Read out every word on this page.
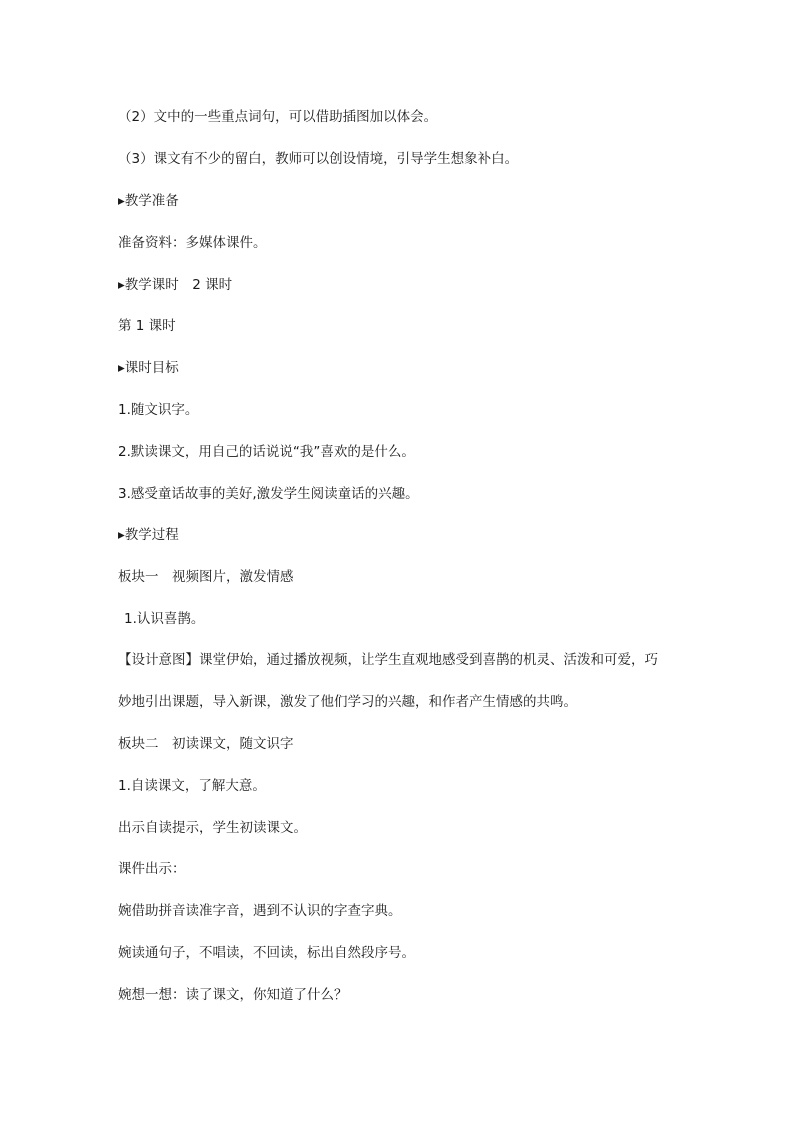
（2）文中的一些重点词句，可以借助插图加以体会。
（3）课文有不少的留白，教师可以创设情境，引导学生想象补白。
▸教学准备
准备资料：多媒体课件。
▸教学课时　2 课时
第 1 课时
▸课时目标
1.随文识字。
2.默读课文，用自己的话说说“我”喜欢的是什么。
3.感受童话故事的美好,激发学生阅读童话的兴趣。
▸教学过程
板块一　视频图片，激发情感
1.认识喜鹊。
【设计意图】课堂伊始，通过播放视频，让学生直观地感受到喜鹊的机灵、活泼和可爱，巧
妙地引出课题，导入新课，激发了他们学习的兴趣，和作者产生情感的共鸣。
板块二　初读课文，随文识字
1.自读课文，了解大意。
出示自读提示，学生初读课文。
课件出示：
婉借助拼音读准字音，遇到不认识的字查字典。
婉读通句子，不唱读，不回读，标出自然段序号。
婉想一想：读了课文，你知道了什么？
